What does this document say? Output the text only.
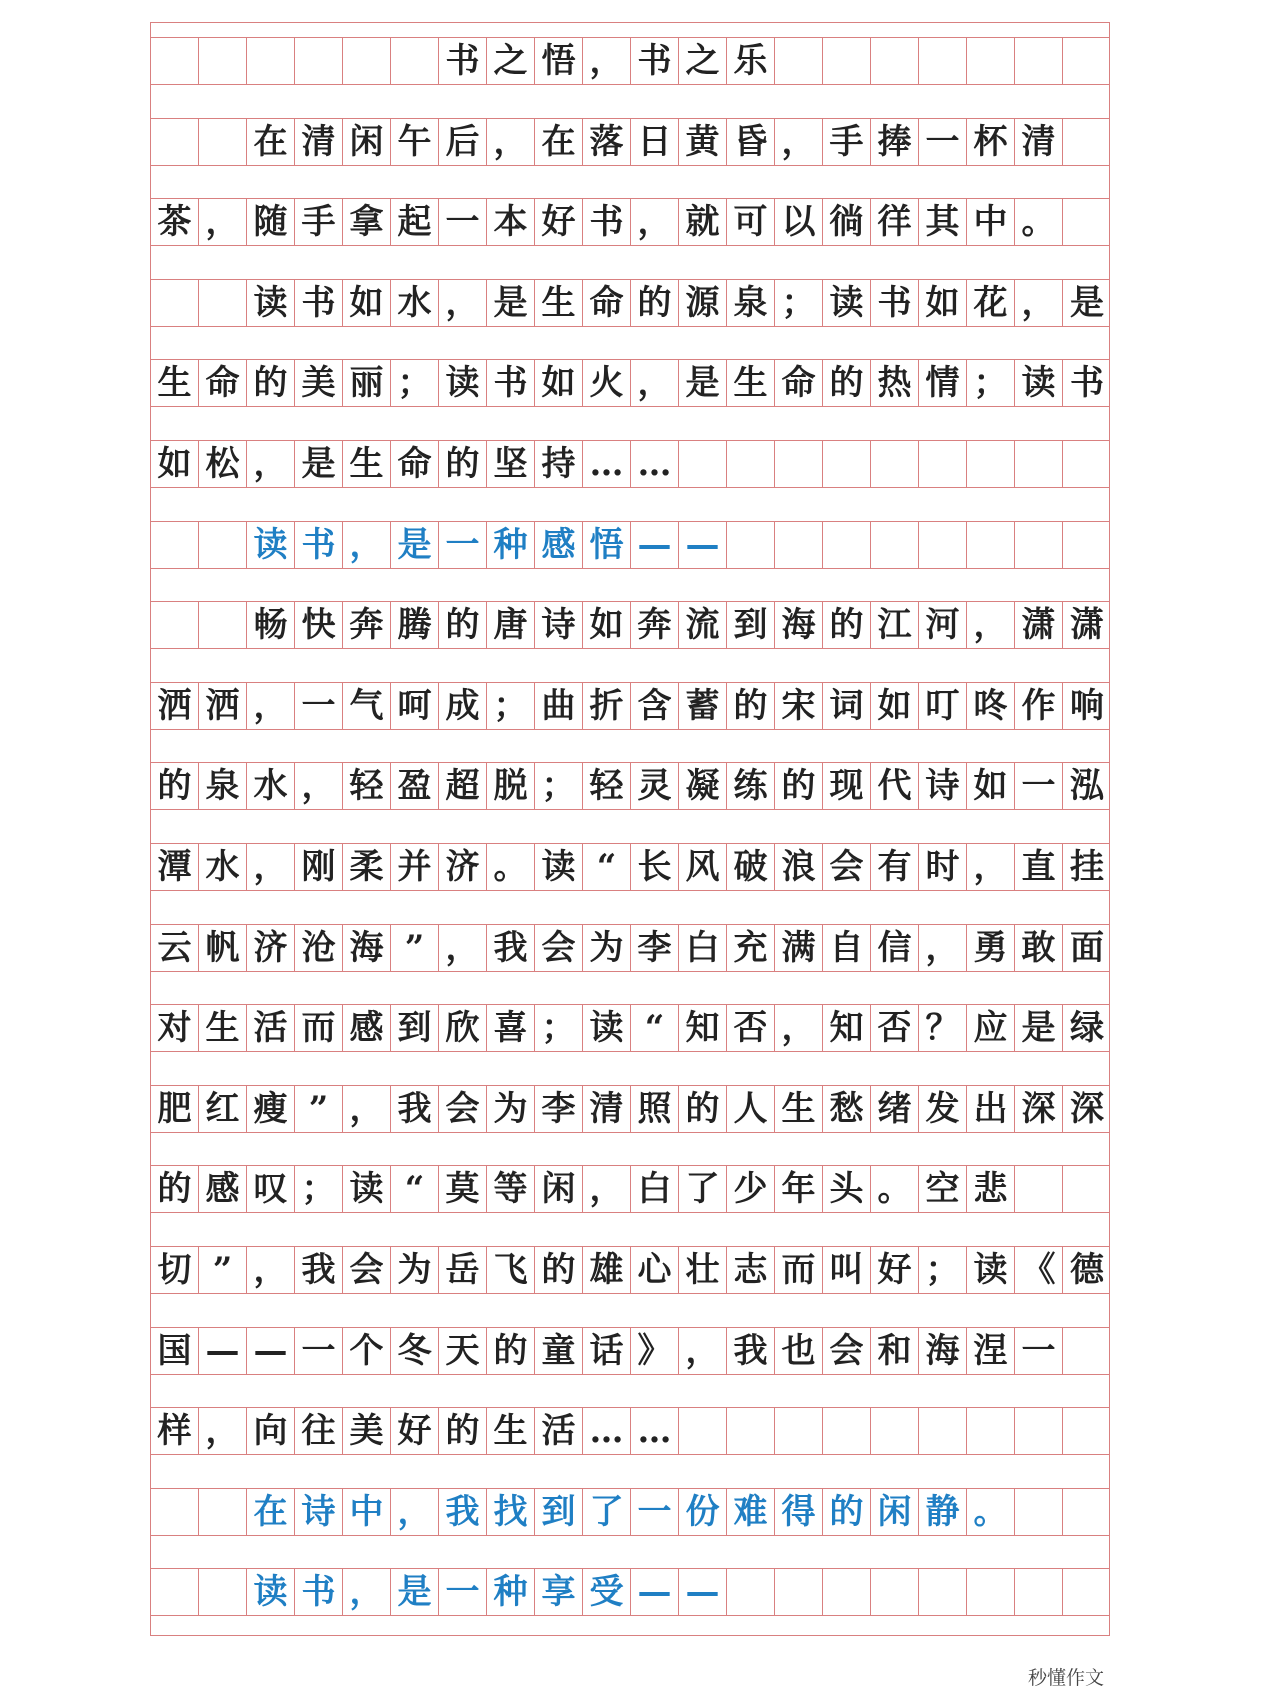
书 之 悟 ， 书 之 乐
在 清 闲 午 后 ， 在 落 日 黄 昏 ， 手 捧 一 杯 清
茶 ， 随 手 拿 起 一 本 好 书 ， 就 可 以 徜 徉 其 中 。
读 书 如 水 ， 是 生 命 的 源 泉 ； 读 书 如 花 ， 是
生 命 的 美 丽 ； 读 书 如 火 ， 是 生 命 的 热 情 ； 读 书
如 松 ， 是 生 命 的 坚 持 … …
读 书 ， 是 一 种 感 悟 — —
畅 快 奔 腾 的 唐 诗 如 奔 流 到 海 的 江 河 ， 潇 潇
洒 洒 ， 一 气 呵 成 ； 曲 折 含 蓄 的 宋 词 如 叮 咚 作 响
的 泉 水 ， 轻 盈 超 脱 ； 轻 灵 凝 练 的 现 代 诗 如 一 泓
潭 水 ， 刚 柔 并 济 。 读 “ 长 风 破 浪 会 有 时 ， 直 挂
云 帆 济 沧 海 ” ， 我 会 为 李 白 充 满 自 信 ， 勇 敢 面
对 生 活 而 感 到 欣 喜 ； 读 “ 知 否 ， 知 否 ？ 应 是 绿
肥 红 瘦 ” ， 我 会 为 李 清 照 的 人 生 愁 绪 发 出 深 深
的 感 叹 ； 读 “ 莫 等 闲 ， 白 了 少 年 头 。 空 悲
切 ” ， 我 会 为 岳 飞 的 雄 心 壮 志 而 叫 好 ； 读 《 德
国 — — 一 个 冬 天 的 童 话 》 ， 我 也 会 和 海 涅 一
样 ， 向 往 美 好 的 生 活 … …
在 诗 中 ， 我 找 到 了 一 份 难 得 的 闲 静 。
读 书 ， 是 一 种 享 受 — —
秒懂作文
